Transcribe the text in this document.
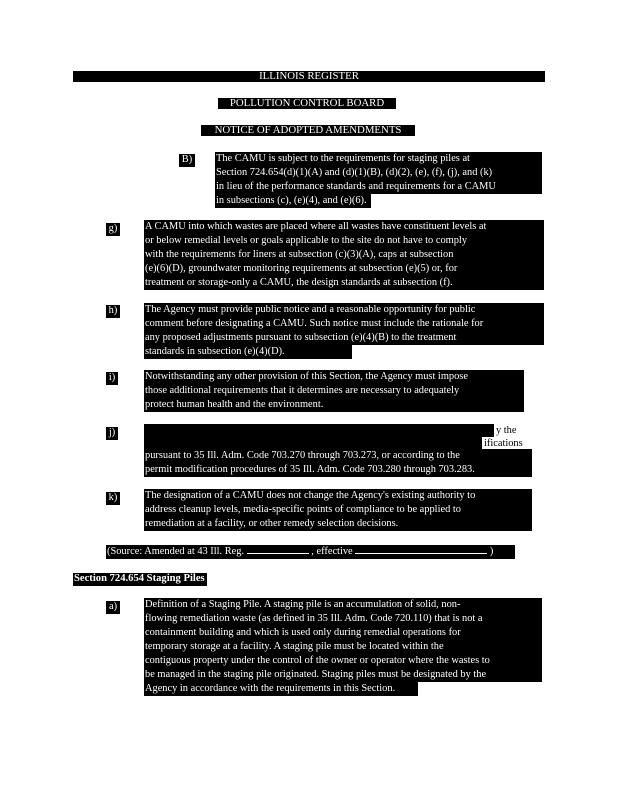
ILLINOIS REGISTER
POLLUTION CONTROL BOARD
NOTICE OF ADOPTED AMENDMENTS
B) The CAMU is subject to the requirements for staging piles at
Section 724.654(d)(1)(A) and (d)(1)(B), (d)(2), (e), (f), (j), and (k)
in lieu of the performance standards and requirements for a CAMU
in subsections (c), (e)(4), and (e)(6).
g)	A CAMU into which wastes are placed where all wastes have constituent levels at
or below remedial levels or goals applicable to the site do not have to comply
with the requirements for liners at subsection (c)(3)(A), caps at subsection
(e)(6)(D), groundwater monitoring requirements at subsection (e)(5) or, for
treatment or storage-only a CAMU, the design standards at subsection (f).
h)	The Agency must provide public notice and a reasonable opportunity for public
comment before designating a CAMU. Such notice must include the rationale for
any proposed adjustments pursuant to subsection (e)(4)(B) to the treatment
standards in subsection (e)(4)(D).
i)	Notwithstanding any other provision of this Section, the Agency must impose
those additional requirements that it determines are necessary to adequately
protect human health and the environment.
j)	y the
ifications
pursuant to 35 Ill. Adm. Code 703.270 through 703.273, or according to the
permit modification procedures of 35 Ill. Adm. Code 703.280 through 703.283.
k)	The designation of a CAMU does not change the Agency's existing authority to
address cleanup levels, media-specific points of compliance to be applied to
remediation at a facility, or other remedy selection decisions.
(Source: Amended at 43 Ill. Reg.	, effective	)
Section 724.654 Staging Piles
a)	Definition of a Staging Pile. A staging pile is an accumulation of solid, non-
flowing remediation waste (as defined in 35 Ill. Adm. Code 720.110) that is not a
containment building and which is used only during remedial operations for
temporary storage at a facility. A staging pile must be located within the
contiguous property under the control of the owner or operator where the wastes to
be managed in the staging pile originated. Staging piles must be designated by the
Agency in accordance with the requirements in this Section.
